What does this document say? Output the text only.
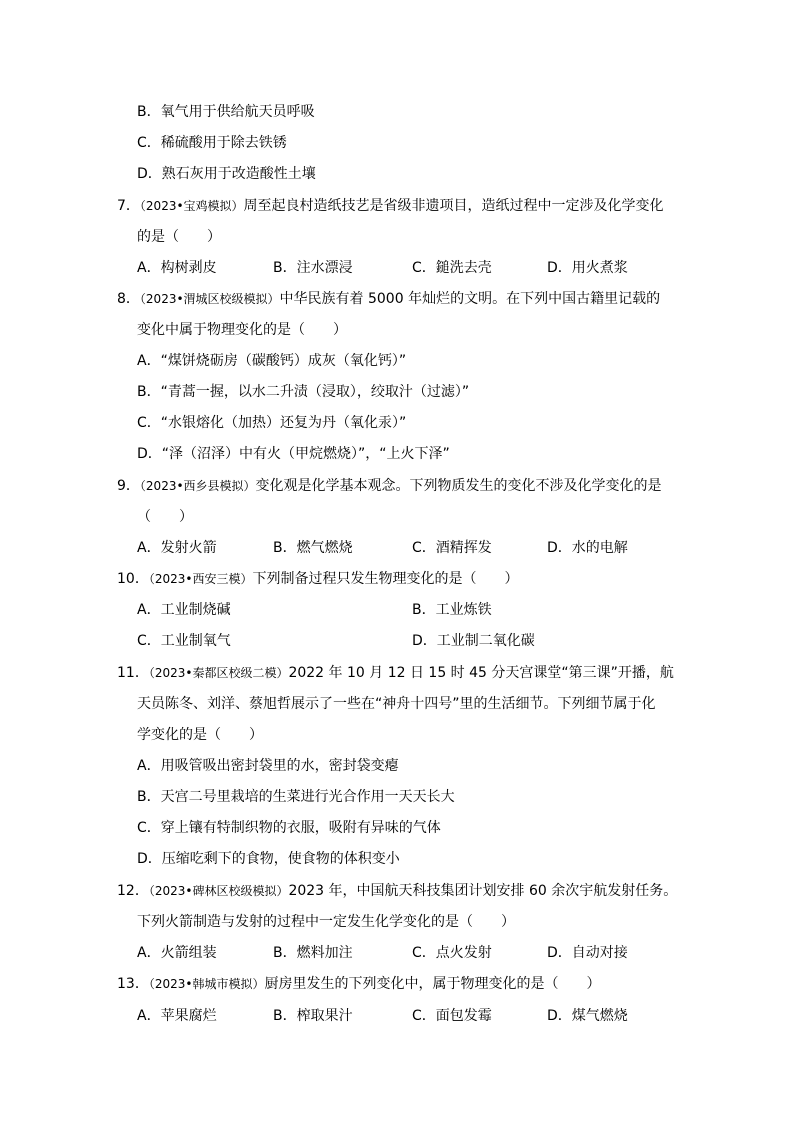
B．氧气用于供给航天员呼吸
C．稀硫酸用于除去铁锈
D．熟石灰用于改造酸性土壤
7．（2023•宝鸡模拟）周至起良村造纸技艺是省级非遗项目，造纸过程中一定涉及化学变化
的是（　　）
A．构树剥皮	B．注水漂浸	C．鎚洗去壳	D．用火煮浆
8．（2023•渭城区校级模拟）中华民族有着 5000 年灿烂的文明。在下列中国古籍里记载的
变化中属于物理变化的是（　　）
A．“煤饼烧砺房（碳酸钙）成灰（氧化钙）”
B．“青蒿一握，以水二升渍（浸取），绞取汁（过滤）”
C．“水银熔化（加热）还复为丹（氧化汞）”
D．“泽（沼泽）中有火（甲烷燃烧）”，“上火下泽”
9．（2023•西乡县模拟）变化观是化学基本观念。下列物质发生的变化不涉及化学变化的是
（　　）
A．发射火箭	B．燃气燃烧	C．酒精挥发	D．水的电解
10．（2023•西安三模）下列制备过程只发生物理变化的是（　　）
A．工业制烧碱	B．工业炼铁
C．工业制氧气	D．工业制二氧化碳
11．（2023•秦都区校级二模）2022 年 10 月 12 日 15 时 45 分天宫课堂“第三课”开播，航
天员陈冬、刘洋、蔡旭哲展示了一些在“神舟十四号”里的生活细节。下列细节属于化
学变化的是（　　）
A．用吸管吸出密封袋里的水，密封袋变瘪
B．天宫二号里栽培的生菜进行光合作用一天天长大
C．穿上镶有特制织物的衣服，吸附有异味的气体
D．压缩吃剩下的食物，使食物的体积变小
12．（2023•碑林区校级模拟）2023 年，中国航天科技集团计划安排 60 余次宇航发射任务。
下列火箭制造与发射的过程中一定发生化学变化的是（　　）
A．火箭组装	B．燃料加注	C．点火发射	D．自动对接
13．（2023•韩城市模拟）厨房里发生的下列变化中，属于物理变化的是（　　）
A．苹果腐烂	B．榨取果汁	C．面包发霉	D．煤气燃烧
